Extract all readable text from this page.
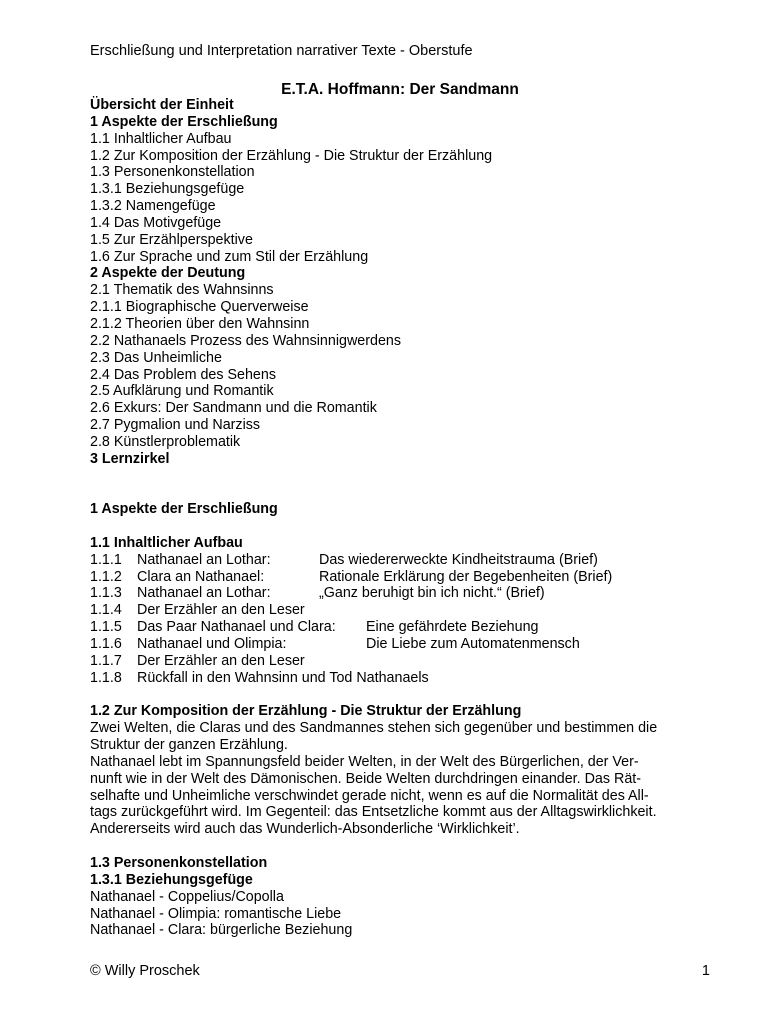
Erschließung und Interpretation narrativer Texte - Oberstufe
E.T.A. Hoffmann: Der Sandmann
Übersicht der Einheit
1 Aspekte der Erschließung
1.1 Inhaltlicher Aufbau
1.2 Zur Komposition der Erzählung - Die Struktur der Erzählung
1.3 Personenkonstellation
1.3.1 Beziehungsgefüge
1.3.2 Namengefüge
1.4 Das Motivgefüge
1.5 Zur Erzählperspektive
1.6 Zur Sprache und zum Stil der Erzählung
2 Aspekte der Deutung
2.1 Thematik des Wahnsinns
2.1.1 Biographische Querverweise
2.1.2 Theorien über den Wahnsinn
2.2 Nathanaels Prozess des Wahnsinnigwerdens
2.3 Das Unheimliche
2.4 Das Problem des Sehens
2.5 Aufklärung und Romantik
2.6 Exkurs: Der Sandmann und die Romantik
2.7 Pygmalion und Narziss
2.8 Künstlerproblematik
3 Lernzirkel
1 Aspekte der Erschließung
1.1 Inhaltlicher Aufbau
1.1.1	Nathanael an Lothar:	Das wiedererweckte Kindheitstrauma (Brief)
1.1.2	Clara an Nathanael:	Rationale Erklärung der Begebenheiten (Brief)
1.1.3	Nathanael an Lothar:	„Ganz beruhigt bin ich nicht.“ (Brief)
1.1.4	Der Erzähler an den Leser
1.1.5	Das Paar Nathanael und Clara:	Eine gefährdete Beziehung
1.1.6	Nathanael und Olimpia:	Die Liebe zum Automatenmensch
1.1.7	Der Erzähler an den Leser
1.1.8	Rückfall in den Wahnsinn und Tod Nathanaels
1.2 Zur Komposition der Erzählung - Die Struktur der Erzählung
Zwei Welten, die Claras und des Sandmannes stehen sich gegenüber und bestimmen die
Struktur der ganzen Erzählung.
Nathanael lebt im Spannungsfeld beider Welten, in der Welt des Bürgerlichen, der Ver-
nunft wie in der Welt des Dämonischen. Beide Welten durchdringen einander. Das Rät-
selhafte und Unheimliche verschwindet gerade nicht, wenn es auf die Normalität des All-
tags zurückgeführt wird. Im Gegenteil: das Entsetzliche kommt aus der Alltagswirklichkeit.
Andererseits wird auch das Wunderlich-Absonderliche ‘Wirklichkeit’.
1.3 Personenkonstellation
1.3.1 Beziehungsgefüge
Nathanael - Coppelius/Copolla
Nathanael - Olimpia: romantische Liebe
Nathanael - Clara: bürgerliche Beziehung
© Willy Proschek	1
